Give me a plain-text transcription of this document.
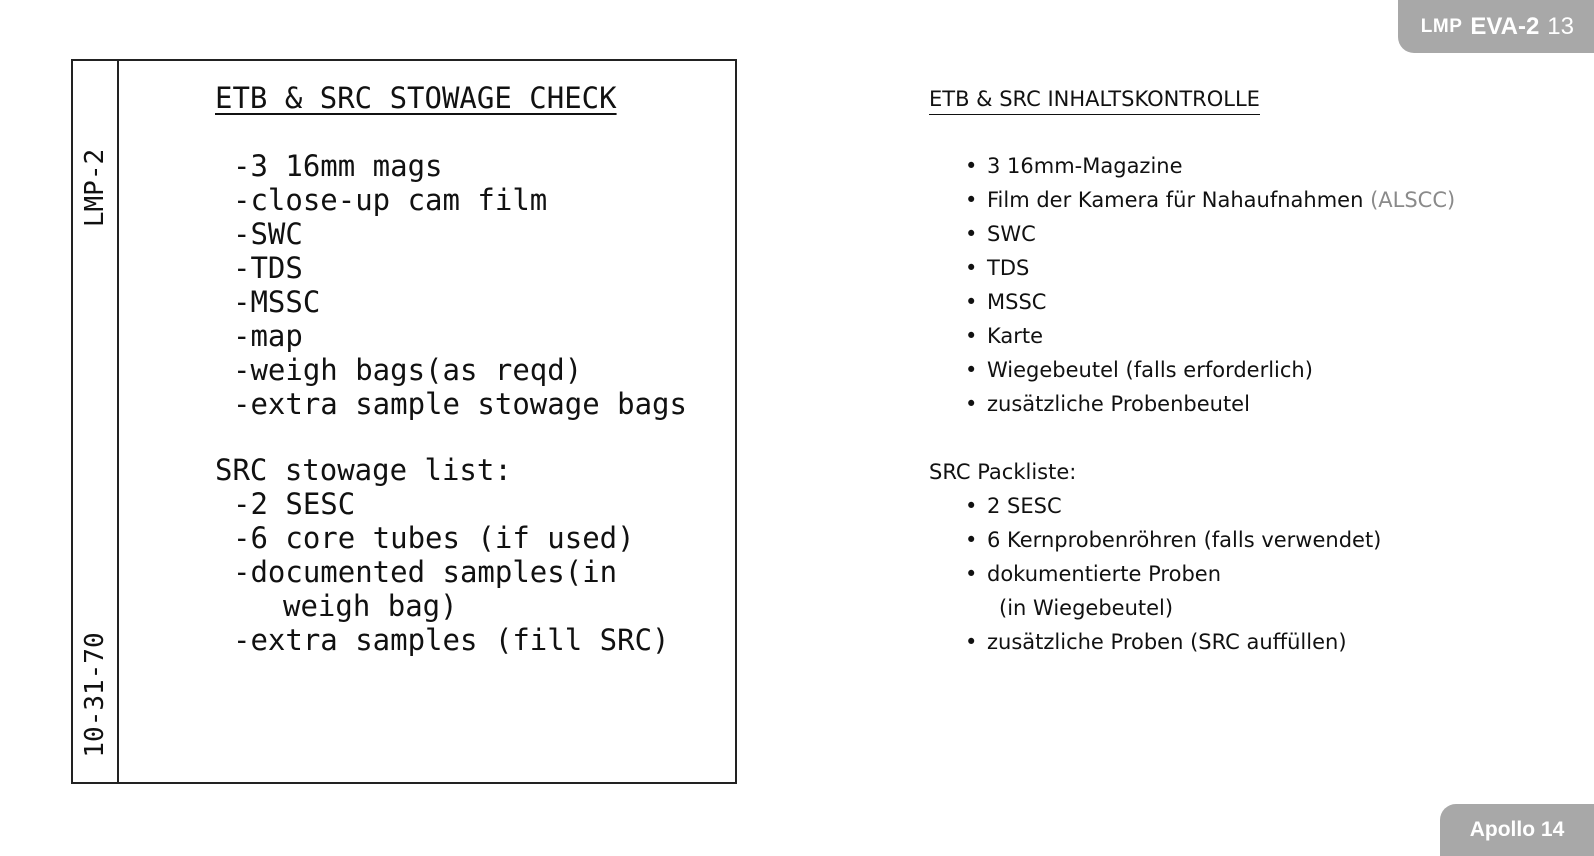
LMP EVA-2 13
LMP-2
10-31-70
ETB & SRC STOWAGE CHECK
-3 16mm mags
-close-up cam film
-SWC
-TDS
-MSSC
-map
-weigh bags(as reqd)
-extra sample stowage bags
SRC stowage list:
-2 SESC
-6 core tubes (if used)
-documented samples(in
weigh bag)
-extra samples (fill SRC)
ETB & SRC INHALTSKONTROLLE
• 3 16mm-Magazine
• Film der Kamera für Nahaufnahmen (ALSCC)
• SWC
• TDS
• MSSC
• Karte
• Wiegebeutel (falls erforderlich)
• zusätzliche Probenbeutel
SRC Packliste:
• 2 SESC
• 6 Kernprobenröhren (falls verwendet)
• dokumentierte Proben
(in Wiegebeutel)
• zusätzliche Proben (SRC auffüllen)
Apollo 14
